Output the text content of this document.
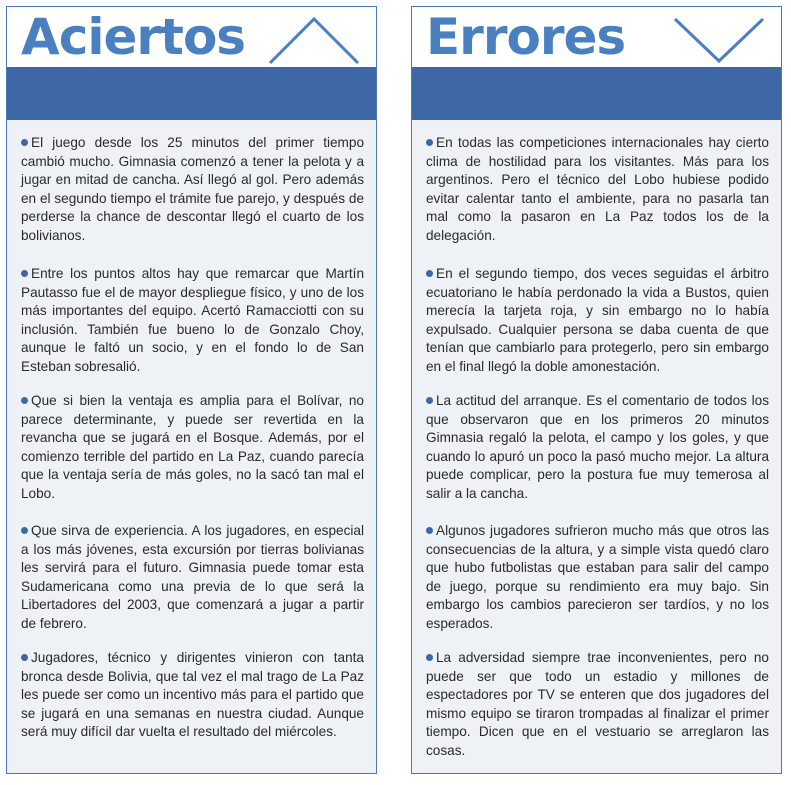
Aciertos
El juego desde los 25 minutos del primer tiempo cambió mucho. Gimnasia comenzó a tener la pelota y a jugar en mitad de cancha. Así llegó al gol. Pero además en el segundo tiempo el trámite fue parejo, y después de perderse la chance de descontar llegó el cuarto de los bolivianos.
Entre los puntos altos hay que remarcar que Martín Pautasso fue el de mayor despliegue físico, y uno de los más importantes del equipo. Acertó Ramacciotti con su inclusión. También fue bueno lo de Gonzalo Choy, aunque le faltó un socio, y en el fondo lo de San Esteban sobresalió.
Que si bien la ventaja es amplia para el Bolívar, no parece determinante, y puede ser revertida en la revancha que se jugará en el Bosque. Además, por el comienzo terrible del partido en La Paz, cuando parecía que la ventaja sería de más goles, no la sacó tan mal el Lobo.
Que sirva de experiencia. A los jugadores, en especial a los más jóvenes, esta excursión por tierras bolivianas les servirá para el futuro. Gimnasia puede tomar esta Sudamericana como una previa de lo que será la Libertadores del 2003, que comenzará a jugar a partir de febrero.
Jugadores, técnico y dirigentes vinieron con tanta bronca desde Bolivia, que tal vez el mal trago de La Paz les puede ser como un incentivo más para el partido que se jugará en una semanas en nuestra ciudad. Aunque será muy difícil dar vuelta el resultado del miércoles.
Errores
En todas las competiciones internacionales hay cierto clima de hostilidad para los visitantes. Más para los argentinos. Pero el técnico del Lobo hubiese podido evitar calentar tanto el ambiente, para no pasarla tan mal como la pasaron en La Paz todos los de la delegación.
En el segundo tiempo, dos veces seguidas el árbitro ecuatoriano le había perdonado la vida a Bustos, quien merecía la tarjeta roja, y sin embargo no lo había expulsado. Cualquier persona se daba cuenta de que tenían que cambiarlo para protegerlo, pero sin embargo en el final llegó la doble amonestación.
La actitud del arranque. Es el comentario de todos los que observaron que en los primeros 20 minutos Gimnasia regaló la pelota, el campo y los goles, y que cuando lo apuró un poco la pasó mucho mejor. La altura puede complicar, pero la postura fue muy temerosa al salir a la cancha.
Algunos jugadores sufrieron mucho más que otros las consecuencias de la altura, y a simple vista quedó claro que hubo futbolistas que estaban para salir del campo de juego, porque su rendimiento era muy bajo. Sin embargo los cambios parecieron ser tardíos, y no los esperados.
La adversidad siempre trae inconvenientes, pero no puede ser que todo un estadio y millones de espectadores por TV se enteren que dos jugadores del mismo equipo se tiraron trompadas al finalizar el primer tiempo. Dicen que en el vestuario se arreglaron las cosas.
